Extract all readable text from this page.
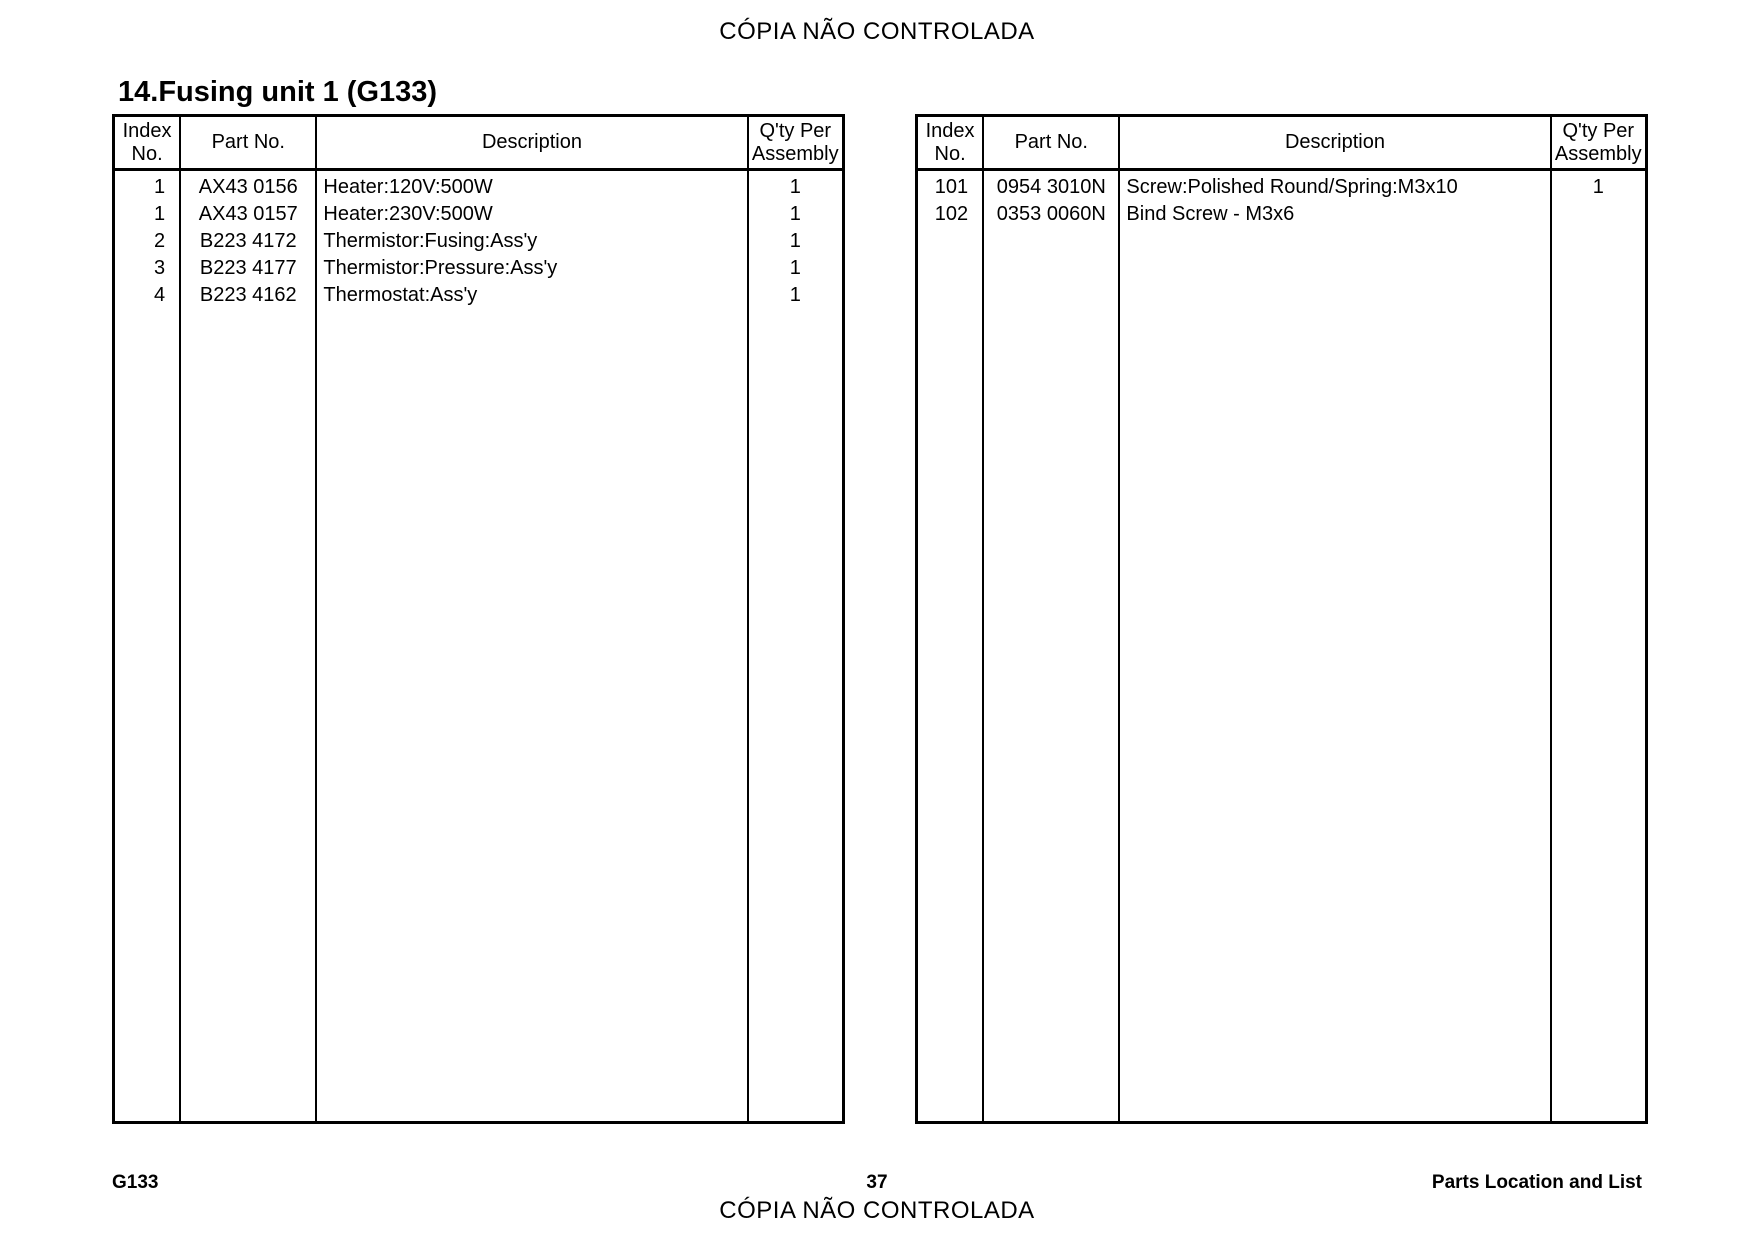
CÓPIA NÃO CONTROLADA
14.Fusing unit 1 (G133)
Index
No.	Part No.	Description	Q'ty Per
Assembly
1	AX43 0156	Heater:120V:500W	1
1	AX43 0157	Heater:230V:500W	1
2	B223 4172	Thermistor:Fusing:Ass'y	1
3	B223 4177	Thermistor:Pressure:Ass'y	1
4	B223 4162	Thermostat:Ass'y	1

Index
No.	Part No.	Description	Q'ty Per
Assembly
101	0954 3010N	Screw:Polished Round/Spring:M3x10	1
102	0353 0060N	Bind Screw - M3x6	

G133	37	Parts Location and List
CÓPIA NÃO CONTROLADA
